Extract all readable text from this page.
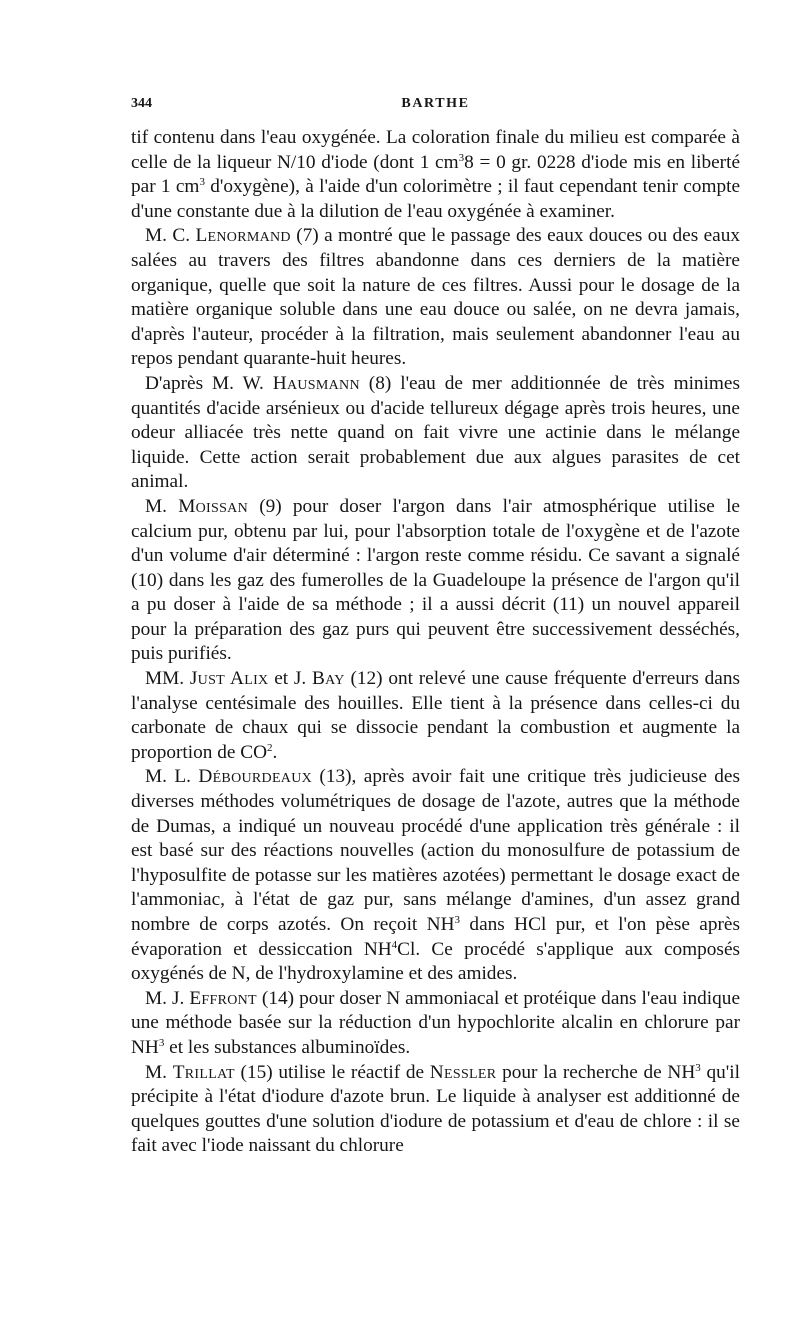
344	BARTHE

tif contenu dans l'eau oxygénée. La coloration finale du milieu est comparée à celle de la liqueur N/10 d'iode (dont 1 $cm^38 = 0$ gr. 0228 d'iode mis en liberté par 1 $cm^3$ d'oxygène), à l'aide d'un colorimètre ; il faut cependant tenir compte d'une constante due à la dilution de l'eau oxygénée à examiner.

M. C. Lenormand (7) a montré que le passage des eaux douces ou des eaux salées au travers des filtres abandonne dans ces derniers de la matière organique, quelle que soit la nature de ces filtres. Aussi pour le dosage de la matière organique soluble dans une eau douce ou salée, on ne devra jamais, d'après l'auteur, procéder à la filtration, mais seulement abandonner l'eau au repos pendant quarante-huit heures.

D'après M. W. Hausmann (8) l'eau de mer additionnée de très minimes quantités d'acide arsénieux ou d'acide tellureux dégage après trois heures, une odeur alliacée très nette quand on fait vivre une actinie dans le mélange liquide. Cette action serait probablement due aux algues parasites de cet animal.

M. Moissan (9) pour doser l'argon dans l'air atmosphérique utilise le calcium pur, obtenu par lui, pour l'absorption totale de l'oxygène et de l'azote d'un volume d'air déterminé : l'argon reste comme résidu. Ce savant a signalé (10) dans les gaz des fumerolles de la Guadeloupe la présence de l'argon qu'il a pu doser à l'aide de sa méthode ; il a aussi décrit (11) un nouvel appareil pour la préparation des gaz purs qui peuvent être successivement desséchés, puis purifiés.

MM. Just Alix et J. Bay (12) ont relevé une cause fréquente d'erreurs dans l'analyse centésimale des houilles. Elle tient à la présence dans celles-ci du carbonate de chaux qui se dissocie pendant la combustion et augmente la proportion de $CO^2$.

M. L. Débourdeaux (13), après avoir fait une critique très judicieuse des diverses méthodes volumétriques de dosage de l'azote, autres que la méthode de Dumas, a indiqué un nouveau procédé d'une application très générale : il est basé sur des réactions nouvelles (action du monosulfure de potassium de l'hyposulfite de potasse sur les matières azotées) permettant le dosage exact de l'ammoniac, à l'état de gaz pur, sans mélange d'amines, d'un assez grand nombre de corps azotés. On reçoit $NH^3$ dans HCl pur, et l'on pèse après évaporation et dessiccation $NH^4Cl$. Ce procédé s'applique aux composés oxygénés de N, de l'hydroxylamine et des amides.

M. J. Effront (14) pour doser N ammoniacal et protéique dans l'eau indique une méthode basée sur la réduction d'un hypochlorite alcalin en chlorure par $NH^3$ et les substances albuminoïdes.

M. Trillat (15) utilise le réactif de Nessler pour la recherche de $NH^3$ qu'il précipite à l'état d'iodure d'azote brun. Le liquide à analyser est additionné de quelques gouttes d'une solution d'iodure de potassium et d'eau de chlore : il se fait avec l'iode naissant du chlorure
